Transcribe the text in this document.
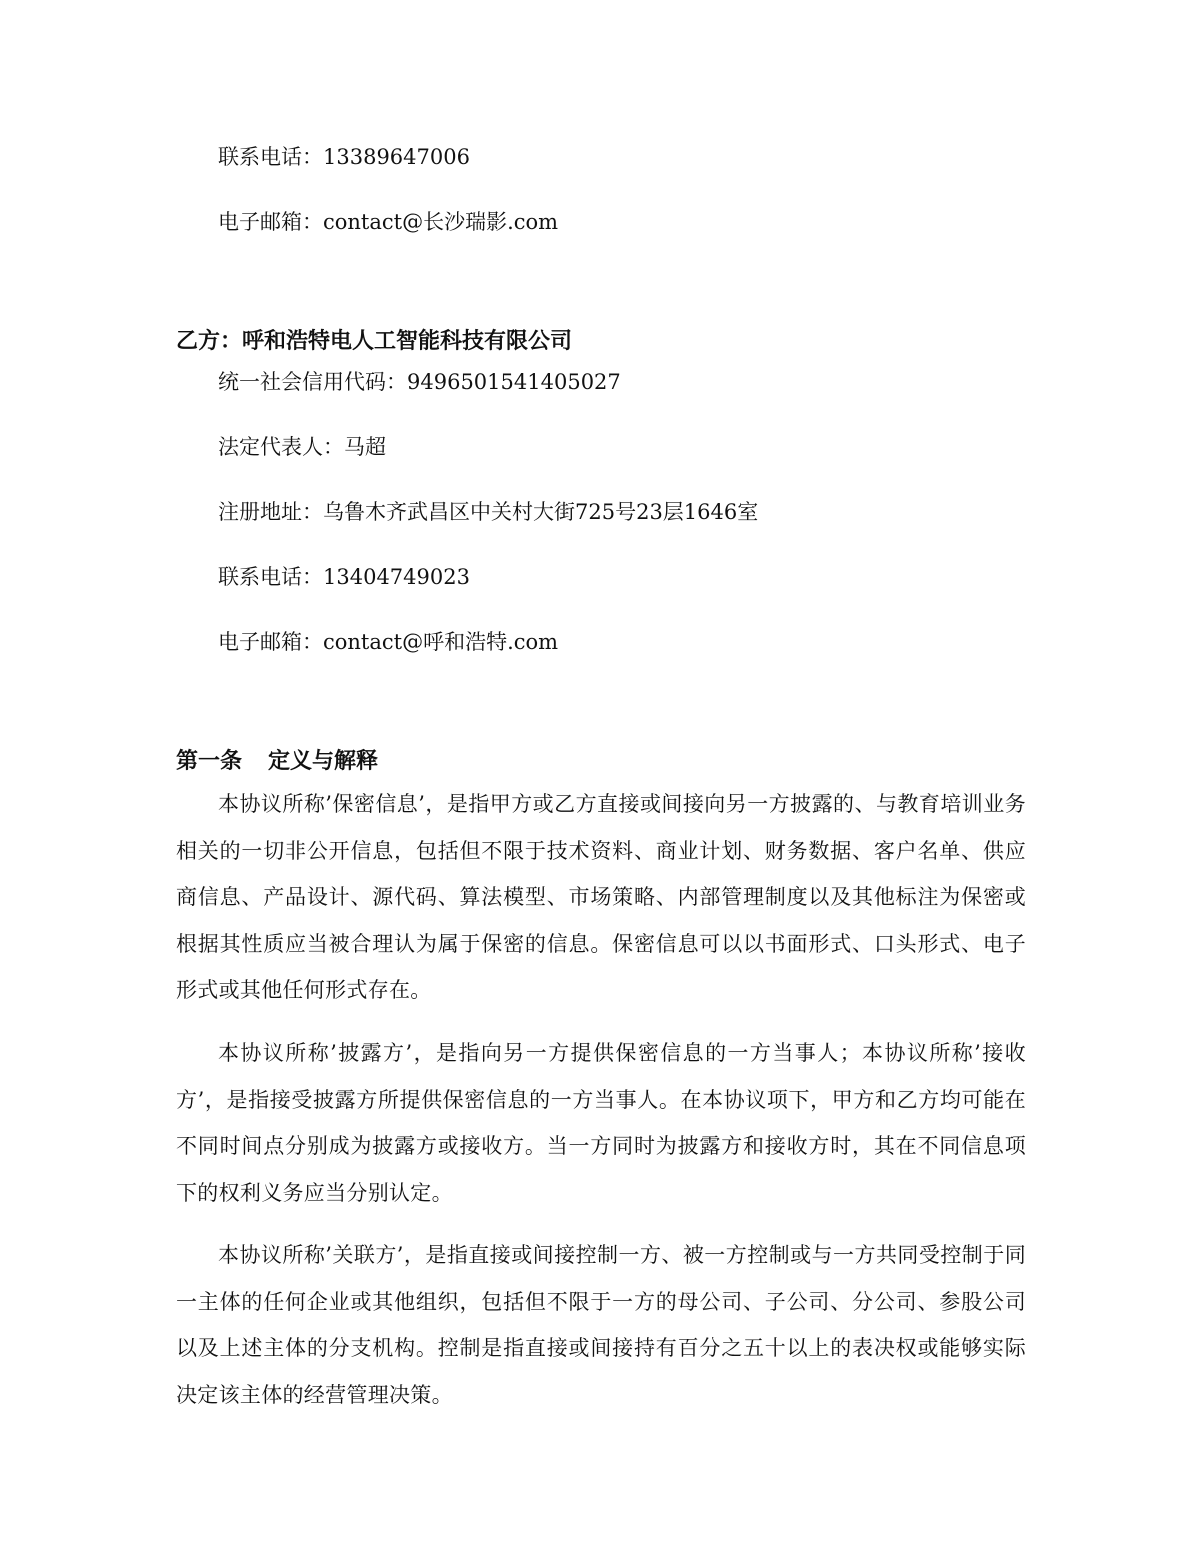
联系电话：13389647006
电子邮箱：contact@长沙瑞影.com
乙方：呼和浩特电人工智能科技有限公司
统一社会信用代码：9496501541405027
法定代表人：马超
注册地址：乌鲁木齐武昌区中关村大街725号23层1646室
联系电话：13404749023
电子邮箱：contact@呼和浩特.com
第一条 定义与解释
本协议所称’保密信息’，是指甲方或乙方直接或间接向另一方披露的、与教育培训业务相关的一切非公开信息，包括但不限于技术资料、商业计划、财务数据、客户名单、供应商信息、产品设计、源代码、算法模型、市场策略、内部管理制度以及其他标注为保密或根据其性质应当被合理认为属于保密的信息。保密信息可以以书面形式、口头形式、电子形式或其他任何形式存在。
本协议所称’披露方’，是指向另一方提供保密信息的一方当事人；本协议所称’接收方’，是指接受披露方所提供保密信息的一方当事人。在本协议项下，甲方和乙方均可能在不同时间点分别成为披露方或接收方。当一方同时为披露方和接收方时，其在不同信息项下的权利义务应当分别认定。
本协议所称’关联方’，是指直接或间接控制一方、被一方控制或与一方共同受控制于同一主体的任何企业或其他组织，包括但不限于一方的母公司、子公司、分公司、参股公司以及上述主体的分支机构。控制是指直接或间接持有百分之五十以上的表决权或能够实际决定该主体的经营管理决策。
